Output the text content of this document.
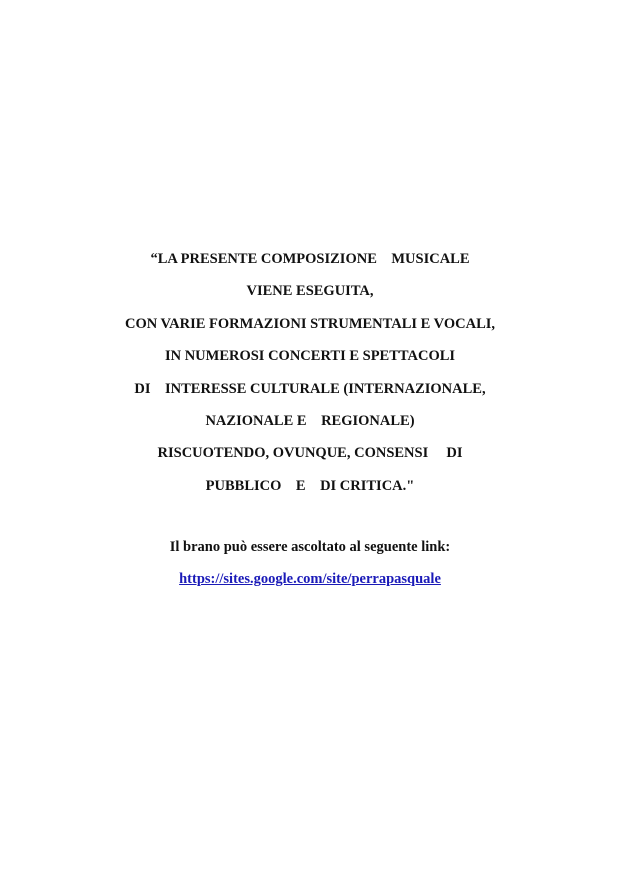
“LA PRESENTE COMPOSIZIONE    MUSICALE

VIENE ESEGUITA,

CON VARIE FORMAZIONI STRUMENTALI E VOCALI,

IN NUMEROSI CONCERTI E SPETTACOLI

DI    INTERESSE CULTURALE (INTERNAZIONALE,

NAZIONALE E    REGIONALE)

RISCUOTENDO, OVUNQUE, CONSENSI     DI

PUBBLICO    E    DI CRITICA."

Il brano può essere ascoltato al seguente link:

https://sites.google.com/site/perrapasquale
